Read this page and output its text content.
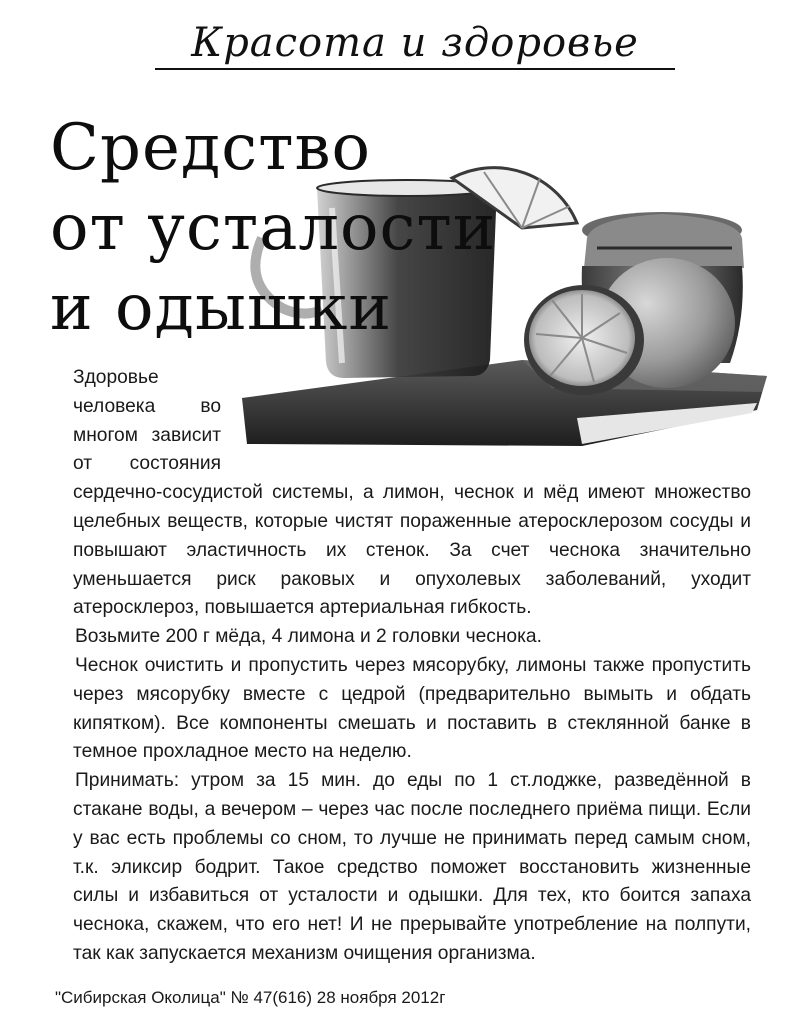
Красота и здоровье
Средство
от усталости
и одышки

Здоровье человека во многом зависит от состояния сердечно-сосудистой системы, а лимон, чеснок и мёд имеют множество целебных веществ, которые чистят пораженные атеросклерозом сосуды и повышают эластичность их стенок. За счет чеснока значительно уменьшается риск раковых и опухолевых заболеваний, уходит атеросклероз, повышается артериальная гибкость.

Возьмите 200 г мёда, 4 лимона и 2 головки чеснока.

Чеснок очистить и пропустить через мясорубку, лимоны также пропустить через мясорубку вместе с цедрой (предварительно вымыть и обдать кипятком). Все компоненты смешать и поставить в стеклянной банке в темное прохладное место на неделю.

Принимать: утром за 15 мин. до еды по 1 ст.лоджке, разведённой в стакане воды, а вечером – через час после последнего приёма пищи. Если у вас есть проблемы со сном, то лучше не принимать перед самым сном, т.к. эликсир бодрит. Такое средство поможет восстановить жизненные силы и избавиться от усталости и одышки. Для тех, кто боится запаха чеснока, скажем, что его нет! И не прерывайте употребление на полпути, так как запускается механизм очищения организма.

"Сибирская Околица" № 47(616) 28 ноября 2012г
